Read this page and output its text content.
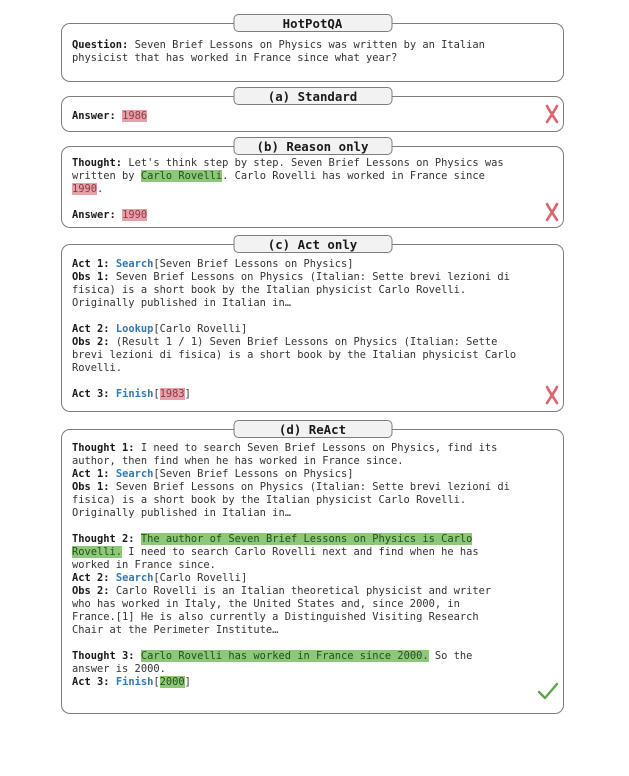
HotPotQA
Question: Seven Brief Lessons on Physics was written by an Italian
physicist that has worked in France since what year?
(a) Standard
Answer: 1986
(b) Reason only
Thought: Let's think step by step. Seven Brief Lessons on Physics was
written by Carlo Rovelli. Carlo Rovelli has worked in France since
1990.
Answer: 1990
(c) Act only
Act 1: Search[Seven Brief Lessons on Physics]
Obs 1: Seven Brief Lessons on Physics (Italian: Sette brevi lezioni di
fisica) is a short book by the Italian physicist Carlo Rovelli.
Originally published in Italian in…
Act 2: Lookup[Carlo Rovelli]
Obs 2: (Result 1 / 1) Seven Brief Lessons on Physics (Italian: Sette
brevi lezioni di fisica) is a short book by the Italian physicist Carlo
Rovelli.
Act 3: Finish[1983]
(d) ReAct
Thought 1: I need to search Seven Brief Lessons on Physics, find its
author, then find when he has worked in France since.
Act 1: Search[Seven Brief Lessons on Physics]
Obs 1: Seven Brief Lessons on Physics (Italian: Sette brevi lezioni di
fisica) is a short book by the Italian physicist Carlo Rovelli.
Originally published in Italian in…
Thought 2: The author of Seven Brief Lessons on Physics is Carlo
Rovelli. I need to search Carlo Rovelli next and find when he has
worked in France since.
Act 2: Search[Carlo Rovelli]
Obs 2: Carlo Rovelli is an Italian theoretical physicist and writer
who has worked in Italy, the United States and, since 2000, in
France.[1] He is also currently a Distinguished Visiting Research
Chair at the Perimeter Institute…
Thought 3: Carlo Rovelli has worked in France since 2000. So the
answer is 2000.
Act 3: Finish[2000]
